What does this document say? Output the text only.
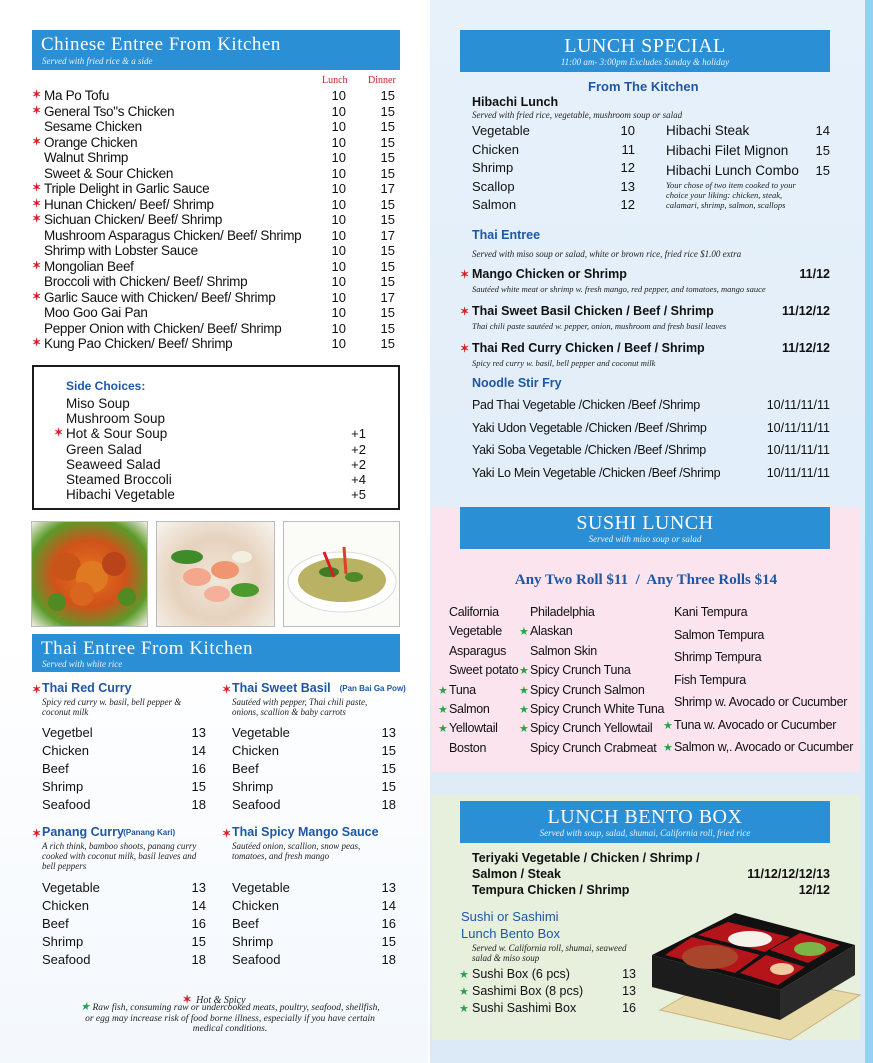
Chinese Entree From Kitchen
Served with fried rice & a side
Lunch Dinner
✶ Ma Po Tofu	10	15
✶ General Tso"s Chicken	10	15
Sesame Chicken	10	15
✶ Orange Chicken	10	15
Walnut Shrimp	10	15
Sweet & Sour Chicken	10	15
✶ Triple Delight in Garlic Sauce	10	17
✶ Hunan Chicken/ Beef/ Shrimp	10	15
✶ Sichuan Chicken/ Beef/ Shrimp	10	15
Mushroom Asparagus Chicken/ Beef/ Shrimp	10	17
Shrimp with Lobster Sauce	10	15
✶ Mongolian Beef	10	15
Broccoli with Chicken/ Beef/ Shrimp	10	15
✶ Garlic Sauce with Chicken/ Beef/ Shrimp	10	17
Moo Goo Gai Pan	10	15
Pepper Onion with Chicken/ Beef/ Shrimp	10	15
✶ Kung Pao Chicken/ Beef/ Shrimp	10	15
Side Choices:
Miso Soup
Mushroom Soup
✶ Hot & Sour Soup	+1
Green Salad	+2
Seaweed Salad	+2
Steamed Broccoli	+4
Hibachi Vegetable	+5
Thai Entree From Kitchen
Served with white rice
✶ Thai Red Curry
Spicy red curry w. basil, bell pepper & coconut milk
Vegetbel	13
Chicken	14
Beef	16
Shrimp	15
Seafood	18
✶ Thai Sweet Basil (Pan Bai Ga Pow)
Sautéed with pepper, Thai chili paste, onions, scallion & baby carrots
Vegetable	13
Chicken	15
Beef	15
Shrimp	15
Seafood	18
✶ Panang Curry (Panang Kari)
A rich think, bamboo shoots, panang curry cooked with coconut milk, basil leaves and bell peppers
Vegetable	13
Chicken	14
Beef	16
Shrimp	15
Seafood	18
✶ Thai Spicy Mango Sauce
Sautéed onion, scallion, snow peas, tomatoes, and fresh mango
Vegetable	13
Chicken	14
Beef	16
Shrimp	15
Seafood	18
✶ Hot & Spicy
★ Raw fish, consuming raw or undercooked meats, poultry, seafood, shellfish, or egg may increase risk of food borne illness, especially if you have certain medical conditions.
LUNCH SPECIAL
11:00 am- 3:00pm Excludes Sunday & holiday
From The Kitchen
Hibachi Lunch
Served with fried rice, vegetable, mushroom soup or salad
Vegetable	10
Chicken	11
Shrimp	12
Scallop	13
Salmon	12
Hibachi Steak	14
Hibachi Filet Mignon	15
Hibachi Lunch Combo	15
Your chose of two item cooked to your choice your liking: chicken, steak, calamari, shrimp, salmon, scallops
Thai Entree
Served with miso soup or salad, white or brown rice, fried rice $1.00 extra
✶ Mango Chicken or Shrimp	11/12
Sautéed white meat or shrimp w. fresh mango, red pepper, and tomatoes, mango sauce
✶ Thai Sweet Basil Chicken / Beef / Shrimp	11/12/12
Thai chili paste sautéed w. pepper, onion, mushroom and fresh basil leaves
✶ Thai Red Curry Chicken / Beef / Shrimp	11/12/12
Spicy red curry w. basil, bell pepper and coconut milk
Noodle Stir Fry
Pad Thai Vegetable /Chicken /Beef /Shrimp	10/11/11/11
Yaki Udon Vegetable /Chicken /Beef /Shrimp	10/11/11/11
Yaki Soba Vegetable /Chicken /Beef /Shrimp	10/11/11/11
Yaki Lo Mein Vegetable /Chicken /Beef /Shrimp	10/11/11/11
SUSHI LUNCH
Served with miso soup or salad
Any Two Roll $11  /  Any Three Rolls $14
California
Vegetable
Asparagus
Sweet potato
★ Tuna
★ Salmon
★ Yellowtail
Boston
Philadelphia
★ Alaskan
Salmon Skin
★ Spicy Crunch Tuna
★ Spicy Crunch Salmon
★ Spicy Crunch White Tuna
★ Spicy Crunch Yellowtail
Spicy Crunch Crabmeat
Kani Tempura
Salmon Tempura
Shrimp Tempura
Fish Tempura
Shrimp w. Avocado or Cucumber
★ Tuna w. Avocado or Cucumber
★ Salmon w,. Avocado or Cucumber
LUNCH BENTO BOX
Served with soup, salad, shumai, California roll, fried rice
Teriyaki Vegetable / Chicken / Shrimp /
Salmon / Steak	11/12/12/12/13
Tempura Chicken / Shrimp	12/12
Sushi or Sashimi
Lunch Bento Box
Served w. California roll, shumai, seaweed salad & miso soup
★ Sushi Box (6 pcs)	13
★ Sashimi Box (8 pcs)	13
★ Sushi Sashimi Box	16
